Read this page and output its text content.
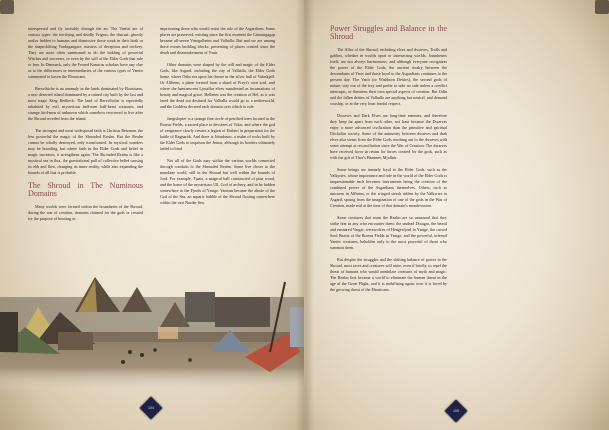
interspersed and fly invisibly through the air. The Vaettir are of various types: the terrifying and deadly Vrigrus, the distrust, ghostly and/or hidden to humans and dismissive those weak in their birth or the shapeshifting Vardøgangare, masters of deception and trickery. They are most often summoned to do the bidding of powerful Witches and sorcerers, or even by the will of the Elder Gods that rule or fear. In Denmark, only the Feared Kanucas scholars have any clue as to the differences or intermediaries of the various types of Vaettir summoned to haven the Ebonicans.

Bersvibiche is an anomaly in the lands dominated by Ebonicans, a new deserted island dominated by a ruined city built by the last and most tragic King Redbeck. The land of Bersvibiche is reportedly inhabited by evil, mysterious half-men half-beast creatures, and strange bird-men of unknown which somehow recovered to live after the Shroud receded from the island.

The strongest and most widespread faith is Christus Reizman, the less powerful the magic of the Shrouded Realm. But the Realm cannot be wholly destroyed, only transformed. In mystical wonders may be brooding, but where faith in the Elder Gods and belief in magic increases, it strengthens again. The Shrouded Realm is like a mystical sea in flux, the gravitational pull of collective belief causing its ebb and flow, changing its inner reality, while also expanding the bounds of all that is probable.

The Shroud in The Numinous Domains

Many worlds were formed within the boundaries of the Shroud, during the war of creation, domains claimed for the gods or created for the purpose of housing or

imprisoning those who would resist the rule of the Asgardians. Some places are preserved, existing since the first moment the Ginnungagap became all-seven Vinogolheim and Valhalla. But and we are among those events building blocks, presenting of places created since the death and dismemberment of Ymir.

Other domains were shaped by the will and magic of the Elder Gods, like Asgard, including the city of Valhalla, the Elder Gods home, where Odin sits upon his throne in the silver hall of Valaskjalf. Or Alfheim, a plane formed from a shard of Freyr's own soul, and where the luminescent Ljosalfar elves manifested as incarnations of beauty and magical grace. Helheim was the creation of Hel, as it was fated the dead not destined for Valhalla would go to a netherworld, and the Goddess decreed each domain over which to rule.

Jaegislopier is a strange fine circle of petrified trees located in the Boreas Fields, a sacred place to devotees of Vidar, and where the god of vengeance slowly creates a legion of Einheri in preparation for the battle of Ragnarök. And there is Jötunheim, a realm of rocks built by the Elder Gods to imprison the Jotnar, although its borders ultimately failed to bind.

Not all of the Gods may within the various worlds connected through conduits to the Shrouded Realm. Some live closer to the mundane world, still in the Shroud but well within the bounds of Jord. For example, Tjazis, a magical hall constructed of pine wood, and the home of the mysterious Ull, God of archery, and in he hidden somewhere in the Fjords of Ymige. Vanirun became the abode of the God of the Sea, an aquatic bubble of the Shroud floating somewhere within the vast Norder Sea.

104
105
Power Struggles and Balance in the Shroud

The Alfar of the Shroud, including elves and dwarves, Trolls and goblins, whether in worlds apart or intersecting worlds, Jotunheims itself, are not always harmonious, and although everyone recognizes the power of the Elder Gods, the ancient rivalry between the descendants of Ymir and those loyal to the Asgardians continues to the present day. The Vanir (or Wishborn Deities), the second gods of nature, stay out of the fray and prefer to take no side unless a conflict interrupts, or threatens their own special aspects of creation. But Odin and the fallen deities of Valhalla are anything but neutral, and demand worship, or at the very least fearful respect.

Dwarves and Dark Elves are long-time enemies, and therefore they keep far apart from each other, not least because the Dwarves enjoy a more advanced civilization than the primitive and spiritual Döckalfar society. Some of the animosity between dwarves and dark elves also stems from the Elder Gods reaching out to the dwarves with some attempt at reconciliation since the War of Creation. The dwarves have received favor in return for forces created for the gods, such as with the gift of Thor's Hammer, Mjollnir.

Some beings are innately loyal to the Elder Gods, such as the Valkyries, whose importance and role in the world of the Elder Gods is unquestionable each becomes instruments being the creation of the combined power of the Asgardians themselves. Others, such as unicorns in Alfheim, or the winged steeds ridden by the Valkyries in Asgard, sprung from the imagination of one of the gods in the War of Creation, made real at the time of that domain's manifestation.

Some creatures that roam the Realm are so unnatural that they strike fear in any who encounter them: the undead Draugar, the beastl and ensnared Vargar, werewolves of Hengesfjord in Ymige, the cursed Soul Beasts of the Boreas Fields in Ymige, and the powerful, infernal Vaettir creatures, beholden only to the most powerful of those who summon them.

But despite the struggles and the shifting balance of power in the Shroud, most races and creatures will unite, even if briefly, to repel the threat of humans who would annihilate creatures of myth and magic. The Realm first became a world to eliminate the human threat in the age of the Great Flight, and it is mobilizing again, now it is faced by the growing threat of the Ebonicans.
